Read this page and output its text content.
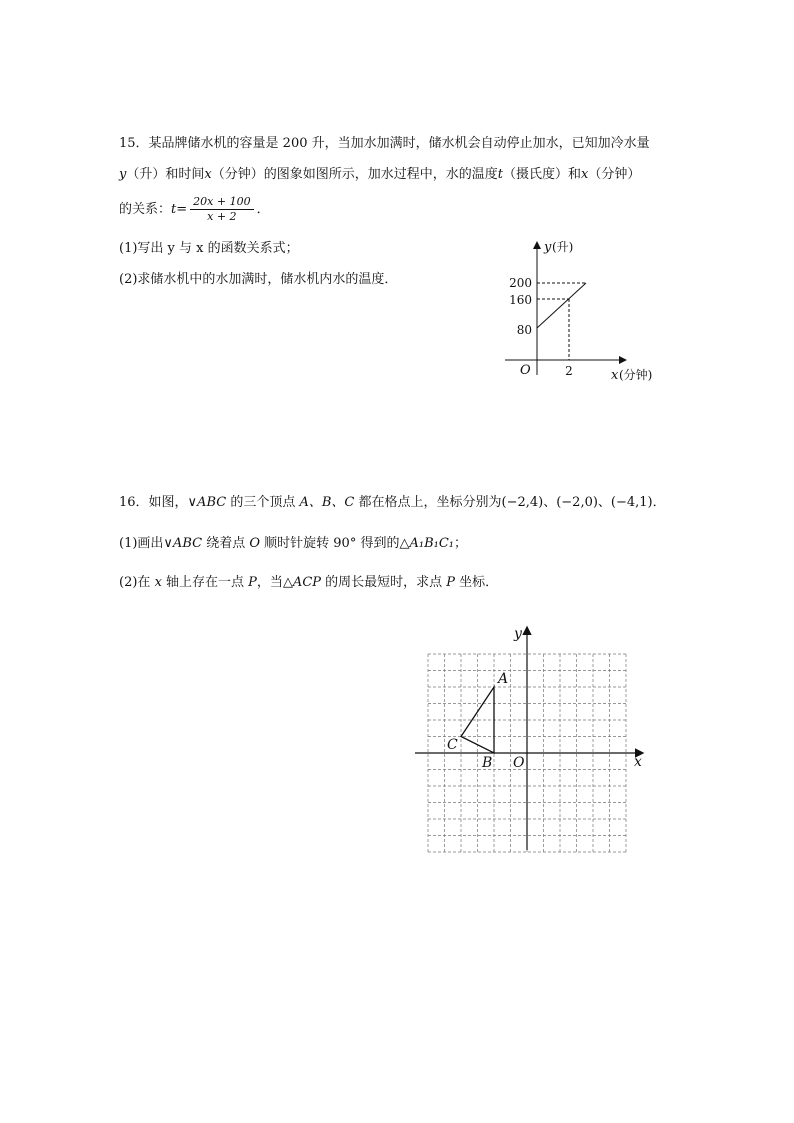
15．某品牌储水机的容量是 200 升，当加水加满时，储水机会自动停止加水，已知加冷水量
y（升）和时间x（分钟）的图象如图所示，加水过程中，水的温度t（摄氏度）和x（分钟）
的关系：$t= \frac{20x + 100}{x + 2}$ ．
(1)写出 y 与 x 的函数关系式；
(2)求储水机中的水加满时，储水机内水的温度．
y (升)
200
160
80
O	2	x (分钟)
16．如图，∨ABC 的三个顶点 A、B、C 都在格点上，坐标分别为(−2,4)、(−2,0)、(−4,1)．
(1)画出∨ABC 绕着点 O 顺时针旋转 90° 得到的△A₁B₁C₁；
(2)在 x 轴上存在一点 P，当△ACP 的周长最短时，求点 P 坐标．
y
x
O
A
B
C
